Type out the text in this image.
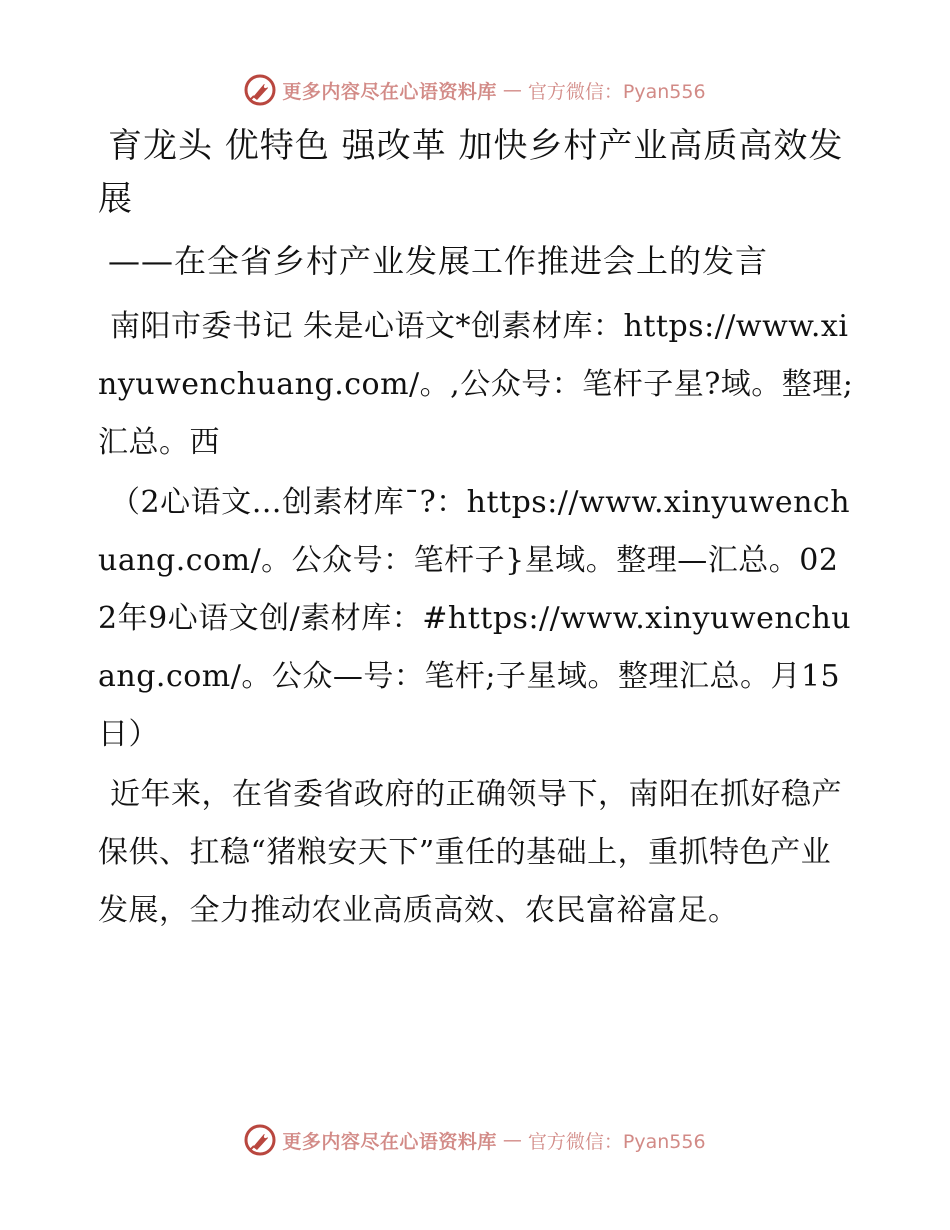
更多内容尽在心语资料库 — 官方微信：Pyan556
育龙头 优特色 强改革 加快乡村产业高质高效发展

——在全省乡村产业发展工作推进会上的发言

南阳市委书记 朱是心语文*创素材库：https://www.xinyuwenchuang.com/。,公众号：笔杆子星?域。整理;汇总。西

（2心语文…创素材库¯?：https://www.xinyuwenchuang.com/。公众号：笔杆子}星域。整理—汇总。022年9心语文创/素材库：#https://www.xinyuwenchuang.com/。公众—号：笔杆;子星域。整理汇总。月15日）

近年来，在省委省政府的正确领导下，南阳在抓好稳产保供、扛稳“猪粮安天下”重任的基础上，重抓特色产业发展，全力推动农业高质高效、农民富裕富足。

更多内容尽在心语资料库 — 官方微信：Pyan556
